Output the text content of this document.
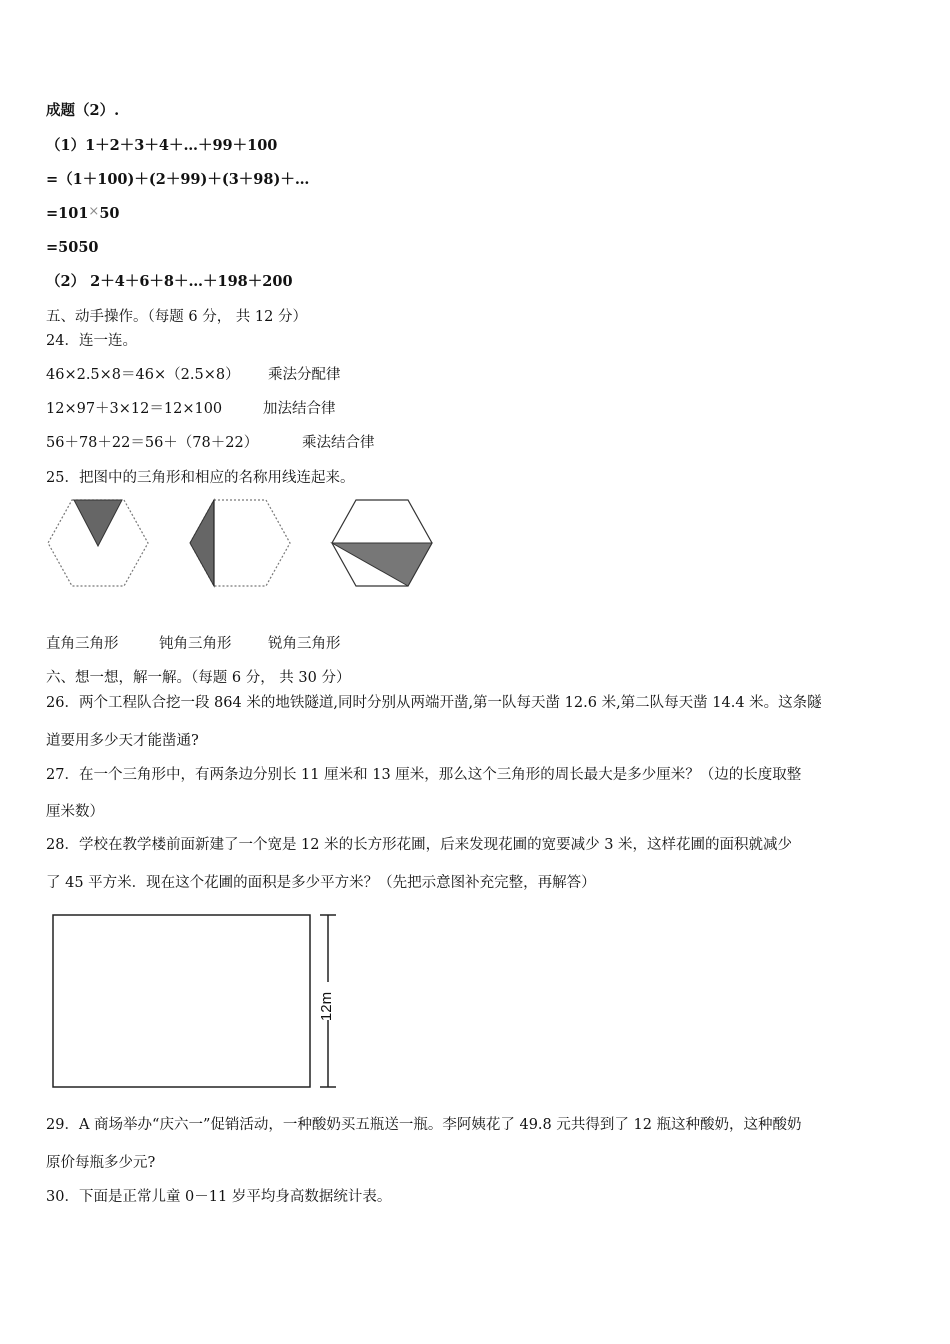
成题（2）.
（1）1＋2＋3＋4＋…＋99＋100
=（1＋100)＋(2＋99)＋(3＋98)＋…
=101×50
=5050
（2） 2＋4＋6＋8＋…＋198＋200
五、动手操作。（每题 6 分， 共 12 分）
24．连一连。
46×2.5×8＝46×（2.5×8） 乘法分配律
12×97＋3×12＝12×100	加法结合律
56＋78＋22＝56＋（78＋22）	乘法结合律
25．把图中的三角形和相应的名称用线连起来。
直角三角形	钝角三角形	锐角三角形
六、想一想，解一解。（每题 6 分， 共 30 分）
26．两个工程队合挖一段 864 米的地铁隧道,同时分别从两端开凿,第一队每天凿 12.6 米,第二队每天凿 14.4 米。这条隧
道要用多少天才能凿通?
27．在一个三角形中，有两条边分别长 11 厘米和 13 厘米，那么这个三角形的周长最大是多少厘米？（边的长度取整
厘米数）
28．学校在教学楼前面新建了一个宽是 12 米的长方形花圃，后来发现花圃的宽要减少 3 米，这样花圃的面积就减少
了 45 平方米．现在这个花圃的面积是多少平方米？（先把示意图补充完整，再解答）
12m
29．A 商场举办“庆六一”促销活动，一种酸奶买五瓶送一瓶。李阿姨花了 49.8 元共得到了 12 瓶这种酸奶，这种酸奶
原价每瓶多少元?
30．下面是正常儿童 0－11 岁平均身高数据统计表。
